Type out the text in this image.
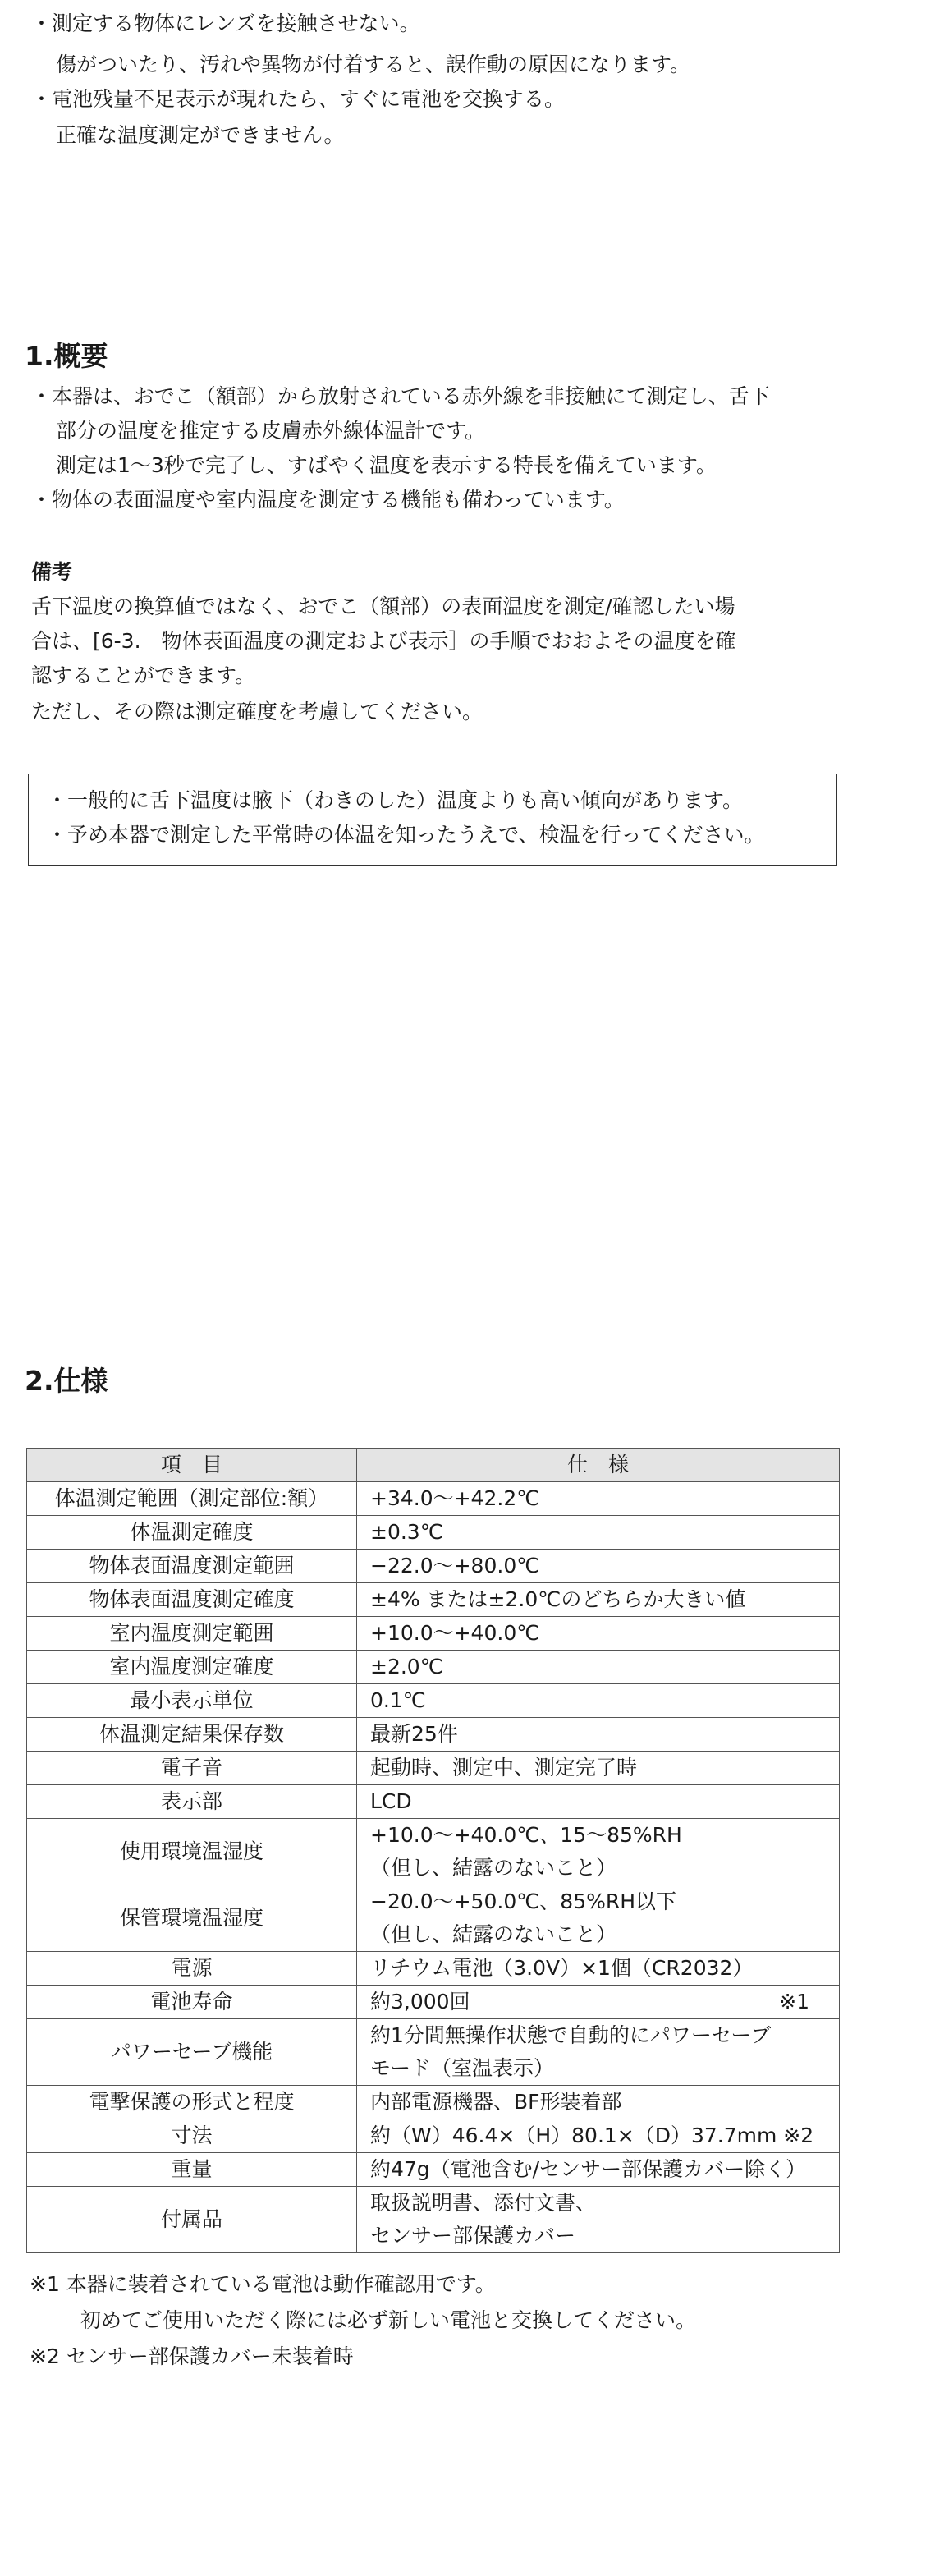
・測定する物体にレンズを接触させない。
傷がついたり、汚れや異物が付着すると、誤作動の原因になります。
・電池残量不足表示が現れたら、すぐに電池を交換する。
正確な温度測定ができません。
1.概要
・本器は、おでこ（額部）から放射されている赤外線を非接触にて測定し、舌下
部分の温度を推定する皮膚赤外線体温計です。
測定は1〜3秒で完了し、すばやく温度を表示する特長を備えています。
・物体の表面温度や室内温度を測定する機能も備わっています。
備考
舌下温度の換算値ではなく、おでこ（額部）の表面温度を測定/確認したい場
合は、[6-3.　物体表面温度の測定および表示］の手順でおおよその温度を確
認することができます。
ただし、その際は測定確度を考慮してください。
・一般的に舌下温度は腋下（わきのした）温度よりも高い傾向があります。
・予め本器で測定した平常時の体温を知ったうえで、検温を行ってください。
2.仕様
項　目	仕　様
体温測定範囲（測定部位:額）	+34.0〜+42.2℃

体温測定確度	±0.3℃

物体表面温度測定範囲	−22.0〜+80.0℃

物体表面温度測定確度	±4% または±2.0℃のどちらか大きい値

室内温度測定範囲	+10.0〜+40.0℃

室内温度測定確度	±2.0℃

最小表示単位	0.1℃

体温測定結果保存数	最新25件

電子音	起動時、測定中、測定完了時

表示部	LCD

使用環境温湿度	+10.0〜+40.0℃、15〜85%RH
（但し、結露のないこと）

保管環境温湿度	−20.0〜+50.0℃、85%RH以下
（但し、結露のないこと）

電源	リチウム電池（3.0V）×1個（CR2032）

電池寿命	約3,000回 ※1

パワーセーブ機能	約1分間無操作状態で自動的にパワーセーブ
モード（室温表示）

電撃保護の形式と程度	内部電源機器、BF形装着部

寸法	約（W）46.4×（H）80.1×（D）37.7mm ※2

重量	約47g（電池含む/センサー部保護カバー除く）

付属品	取扱説明書、添付文書、
センサー部保護カバー
※1 本器に装着されている電池は動作確認用です。
初めてご使用いただく際には必ず新しい電池と交換してください。
※2 センサー部保護カバー未装着時
